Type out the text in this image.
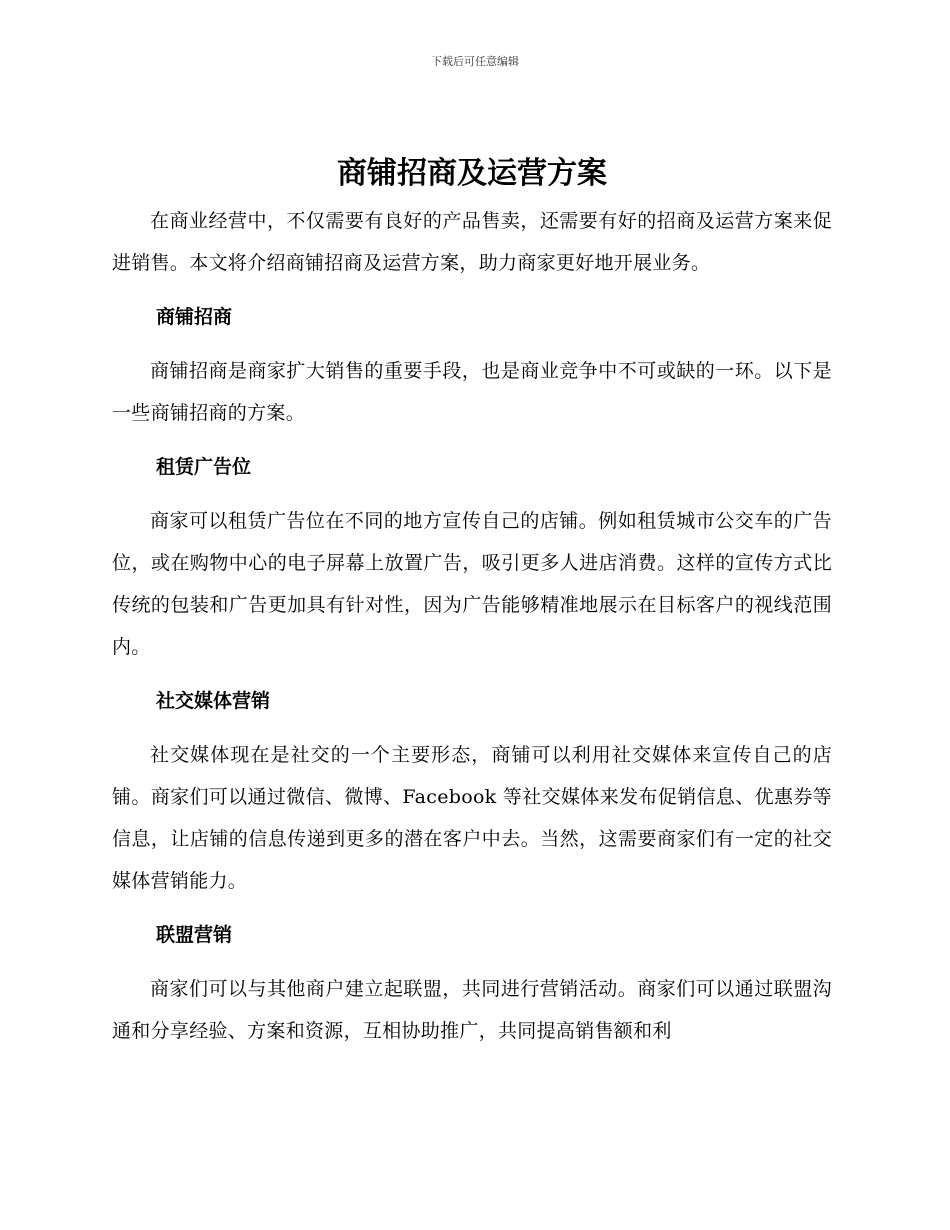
下载后可任意编辑
商铺招商及运营方案

在商业经营中，不仅需要有良好的产品售卖，还需要有好的招商及运营方案来促进销售。本文将介绍商铺招商及运营方案，助力商家更好地开展业务。

商铺招商

商铺招商是商家扩大销售的重要手段，也是商业竞争中不可或缺的一环。以下是一些商铺招商的方案。

租赁广告位

商家可以租赁广告位在不同的地方宣传自己的店铺。例如租赁城市公交车的广告位，或在购物中心的电子屏幕上放置广告，吸引更多人进店消费。这样的宣传方式比传统的包装和广告更加具有针对性，因为广告能够精准地展示在目标客户的视线范围内。

社交媒体营销

社交媒体现在是社交的一个主要形态，商铺可以利用社交媒体来宣传自己的店铺。商家们可以通过微信、微博、Facebook 等社交媒体来发布促销信息、优惠券等信息，让店铺的信息传递到更多的潜在客户中去。当然，这需要商家们有一定的社交媒体营销能力。

联盟营销

商家们可以与其他商户建立起联盟，共同进行营销活动。商家们可以通过联盟沟通和分享经验、方案和资源，互相协助推广，共同提高销售额和利
